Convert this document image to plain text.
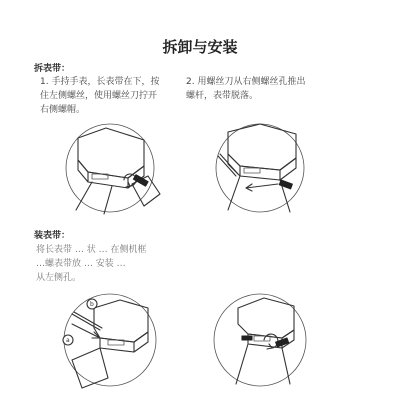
拆卸与安装
拆表带：
1. 手持手表，长表带在下，按
住左侧螺丝，使用螺丝刀拧开
右侧螺帽。
2. 用螺丝刀从右侧螺丝孔推出
螺杆，表带脱落。
装表带：
将长表带 … 状 … 在侧机框
…螺表带放 … 安装 …
从左侧孔。
b
a
